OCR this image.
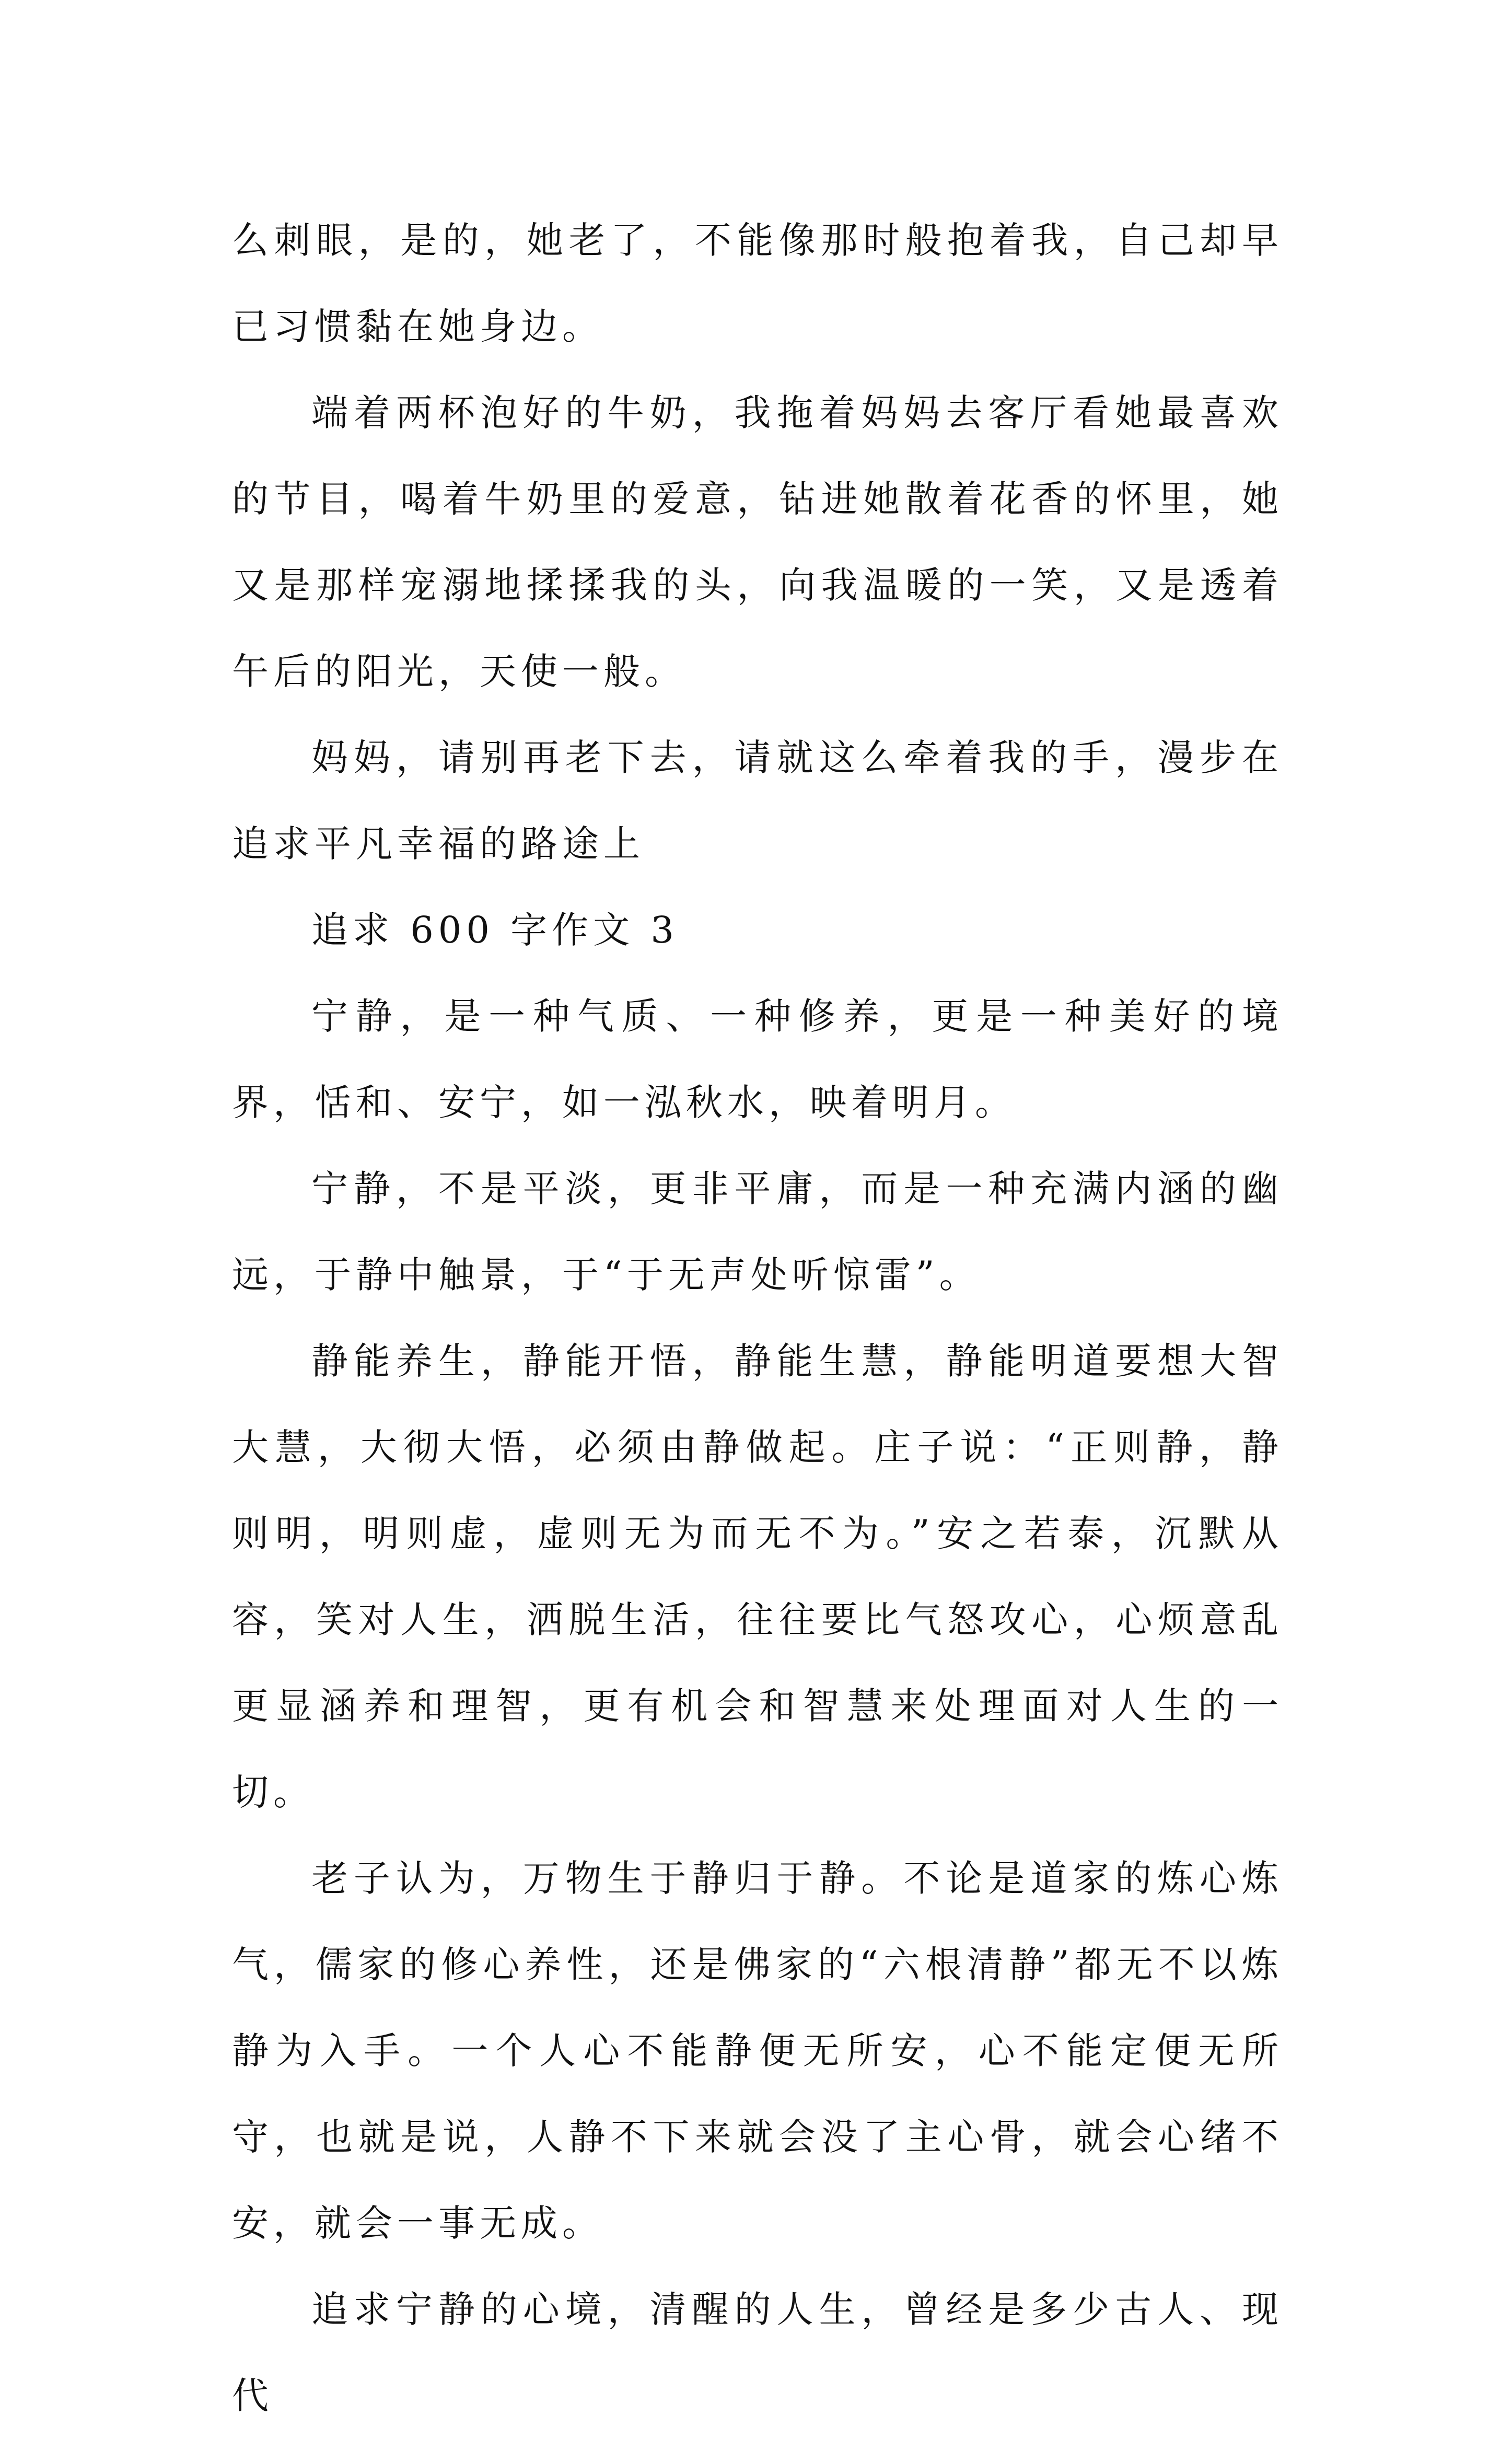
么刺眼，是的，她老了，不能像那时般抱着我，自己却早已习惯黏在她身边。

端着两杯泡好的牛奶，我拖着妈妈去客厅看她最喜欢的节目，喝着牛奶里的爱意，钻进她散着花香的怀里，她又是那样宠溺地揉揉我的头，向我温暖的一笑，又是透着午后的阳光，天使一般。

妈妈，请别再老下去，请就这么牵着我的手，漫步在追求平凡幸福的路途上

追求 600 字作文 3

宁静，是一种气质、一种修养，更是一种美好的境界，恬和、安宁，如一泓秋水，映着明月。

宁静，不是平淡，更非平庸，而是一种充满内涵的幽远，于静中触景，于“于无声处听惊雷”。

静能养生，静能开悟，静能生慧，静能明道要想大智大慧，大彻大悟，必须由静做起。庄子说：“正则静，静则明，明则虚，虚则无为而无不为。”安之若泰，沉默从容，笑对人生，洒脱生活，往往要比气怒攻心，心烦意乱更显涵养和理智，更有机会和智慧来处理面对人生的一切。

老子认为，万物生于静归于静。不论是道家的炼心炼气，儒家的修心养性，还是佛家的“六根清静”都无不以炼静为入手。一个人心不能静便无所安，心不能定便无所守，也就是说，人静不下来就会没了主心骨，就会心绪不安，就会一事无成。

追求宁静的心境，清醒的人生，曾经是多少古人、现代
